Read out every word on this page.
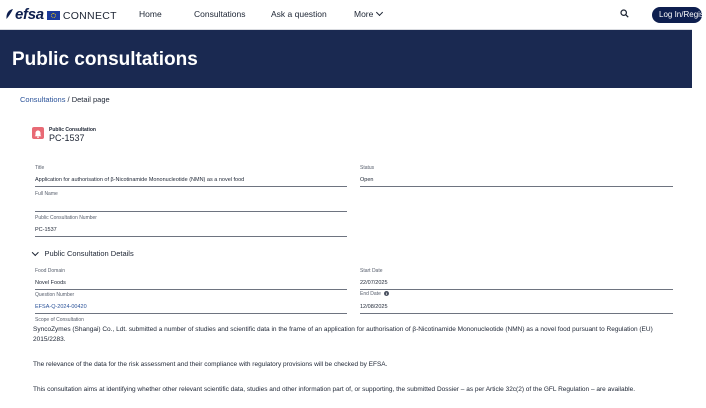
efsa CONNECT	Home	Consultations	Ask a question	More	Log In/Regist
Public consultations
Consultations / Detail page
Public Consultation
PC-1537
Title
Application for authorisation of β-Nicotinamide Mononucleotide (NMN) as a novel food
Status
Open
Full Name
Public Consultation Number
PC-1537
Public Consultation Details
Food Domain
Novel Foods
Start Date
22/07/2025
Question Number
EFSA-Q-2024-00420
End Date i
12/08/2025
Scope of Consultation
SyncoZymes (Shangai) Co., Ldt. submitted a number of studies and scientific data in the frame of an application for authorisation of β-Nicotinamide Mononucleotide (NMN) as a novel food pursuant to Regulation (EU) 2015/2283.
The relevance of the data for the risk assessment and their compliance with regulatory provisions will be checked by EFSA.
This consultation aims at identifying whether other relevant scientific data, studies and other information part of, or supporting, the submitted Dossier – as per Article 32c(2) of the GFL Regulation – are available.
